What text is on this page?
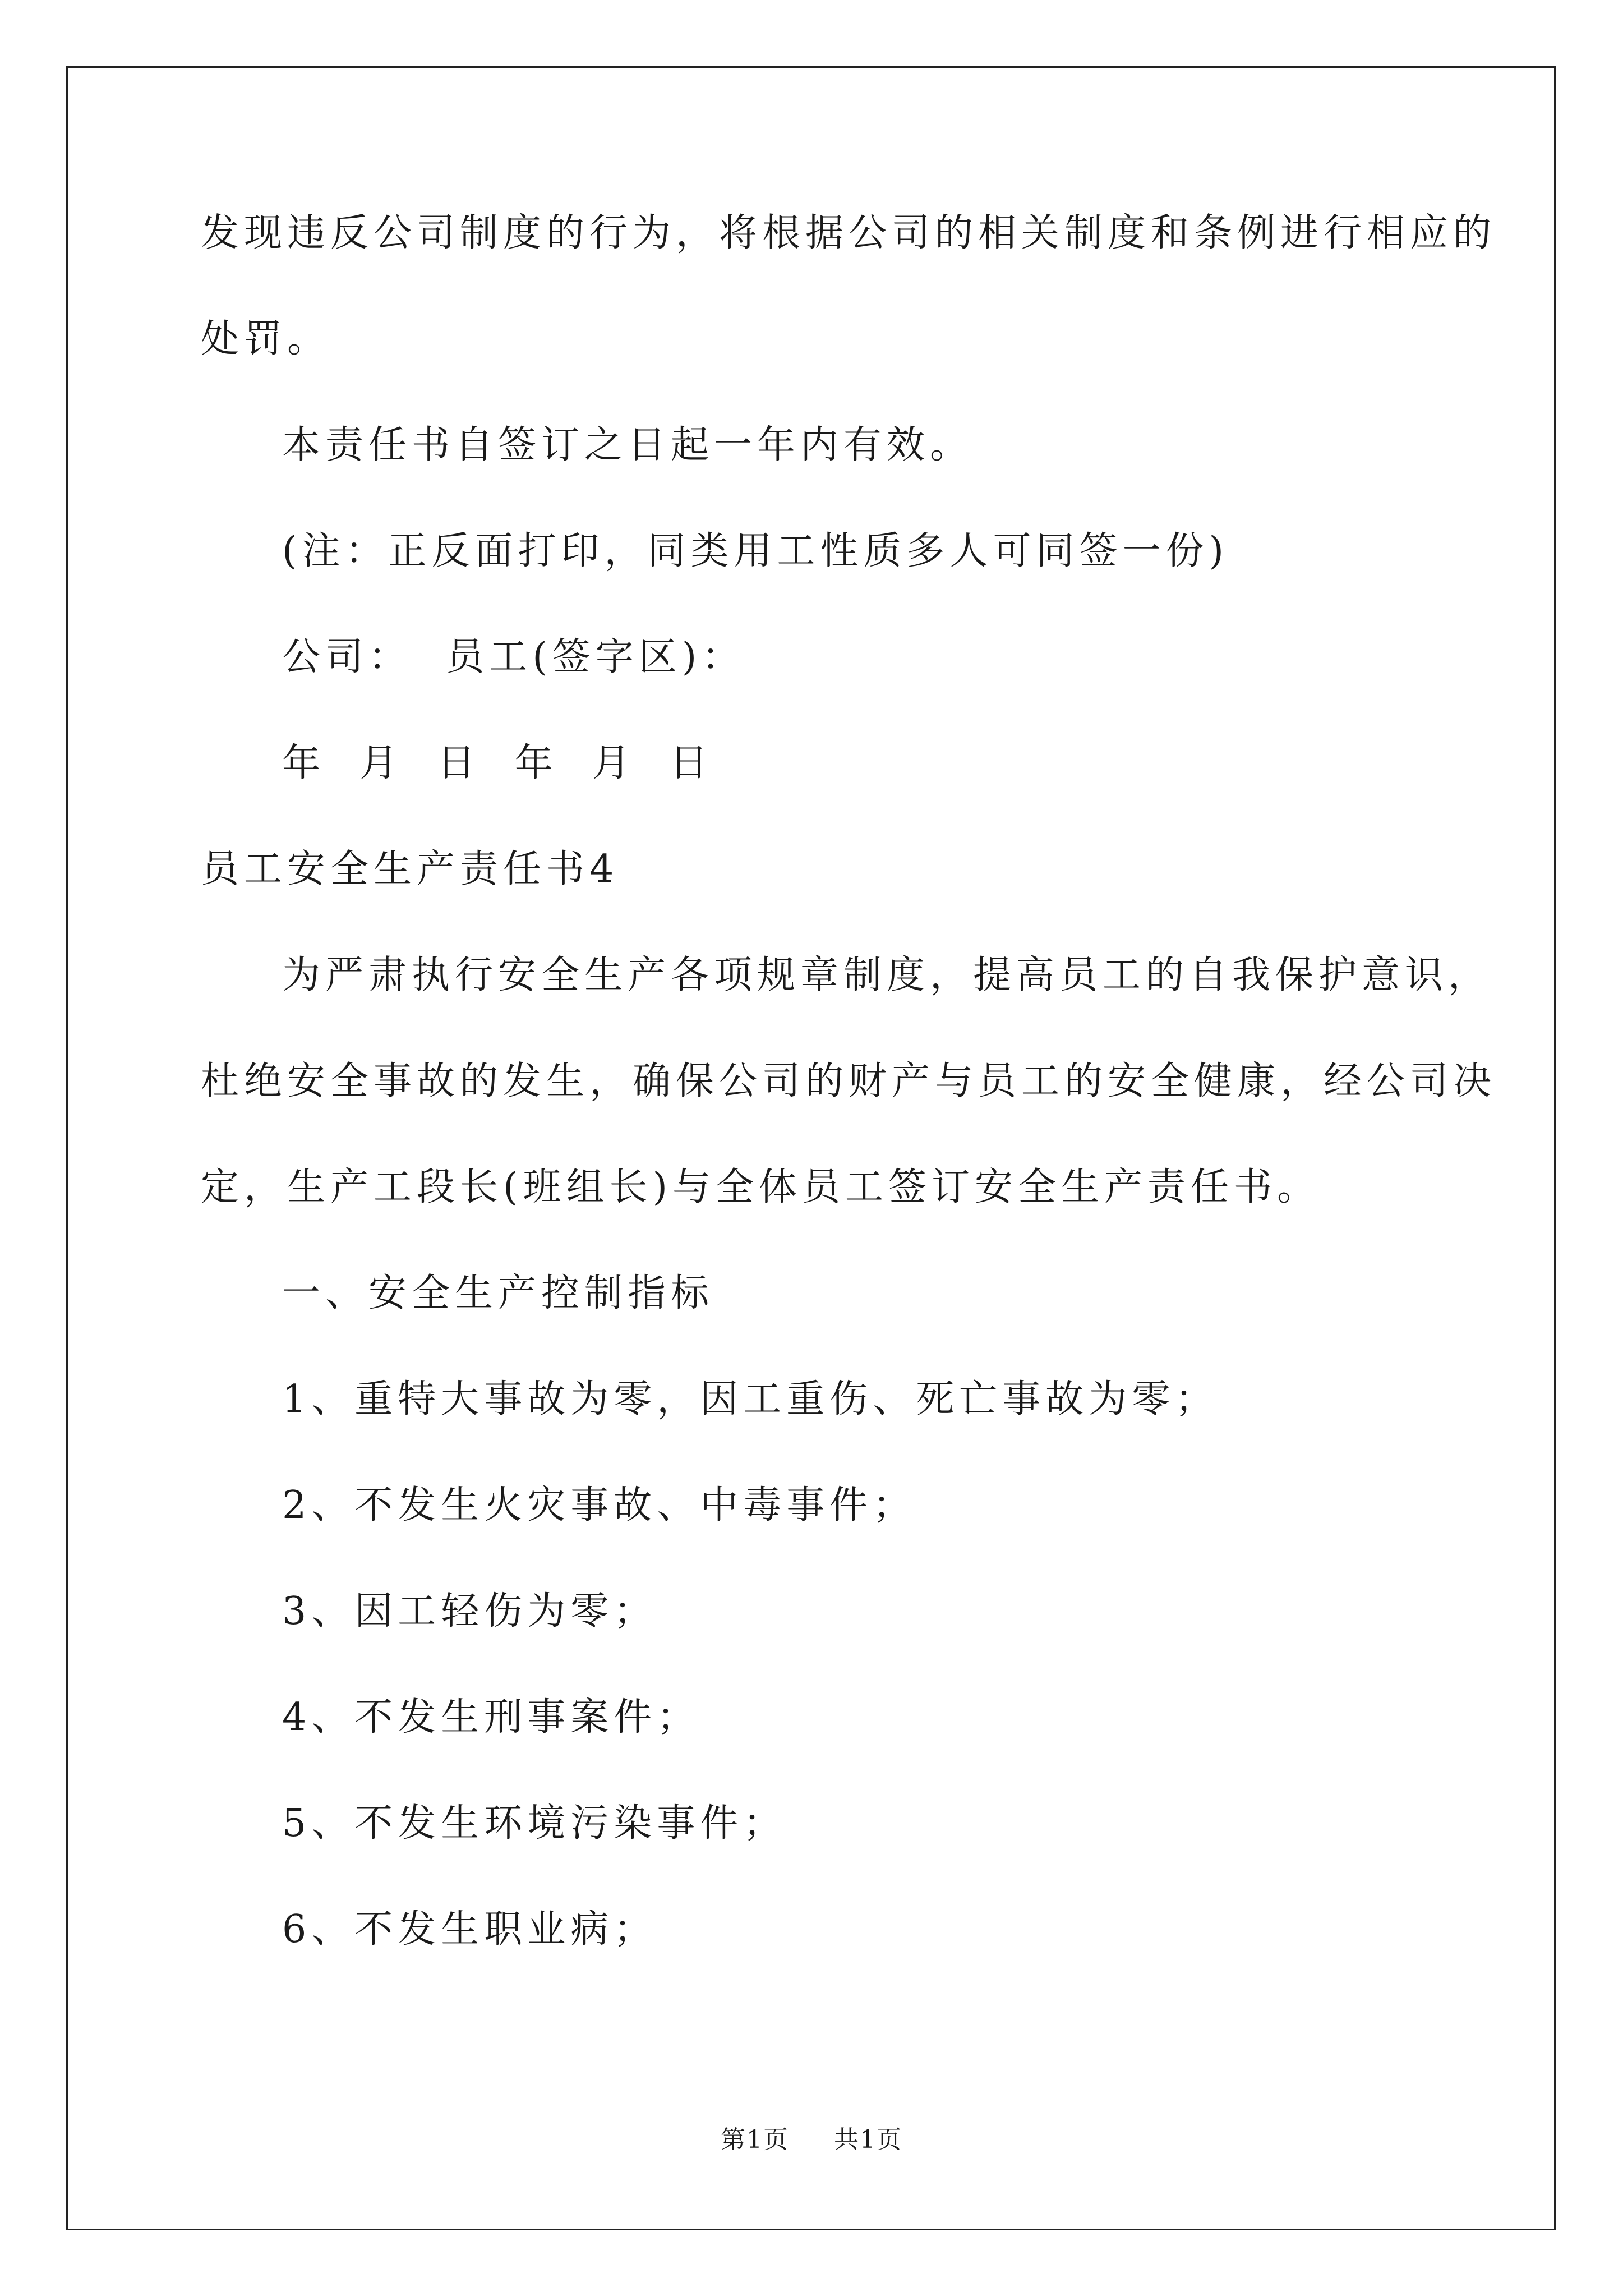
发现违反公司制度的行为，将根据公司的相关制度和条例进行相应的
处罚。
本责任书自签订之日起一年内有效。
(注：正反面打印，同类用工性质多人可同签一份)
公司：  员工(签字区)：
年  月  日  年  月  日
员工安全生产责任书4
为严肃执行安全生产各项规章制度，提高员工的自我保护意识，
杜绝安全事故的发生，确保公司的财产与员工的安全健康，经公司决
定，生产工段长(班组长)与全体员工签订安全生产责任书。
一、安全生产控制指标
1、重特大事故为零，因工重伤、死亡事故为零；
2、不发生火灾事故、中毒事件；
3、因工轻伤为零；
4、不发生刑事案件；
5、不发生环境污染事件；
6、不发生职业病；
第1页 共1页
